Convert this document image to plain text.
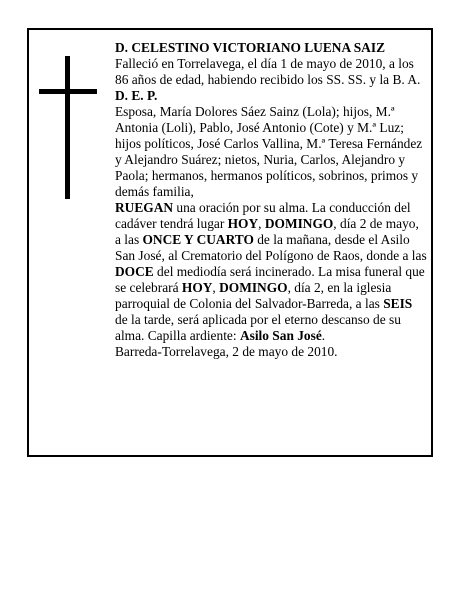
D. CELESTINO VICTORIANO LUENA SAIZ

Falleció en Torrelavega, el día 1 de mayo de 2010, a los 86 años de edad, habiendo recibido los SS. SS. y la B. A.

D. E. P.

Esposa, María Dolores Sáez Sainz (Lola); hijos, M.ª Antonia (Loli), Pablo, José Antonio (Cote) y M.ª Luz; hijos políticos, José Carlos Vallina, M.ª Teresa Fernández y Alejandro Suárez; nietos, Nuria, Carlos, Alejandro y Paola; hermanos, hermanos políticos, sobrinos, primos y demás familia,

RUEGAN una oración por su alma. La conducción del cadáver tendrá lugar HOY, DOMINGO, día 2 de mayo, a las ONCE Y CUARTO de la mañana, desde el Asilo San José, al Crematorio del Polígono de Raos, donde a las DOCE del mediodía será incinerado. La misa funeral que se celebrará HOY, DOMINGO, día 2, en la iglesia parroquial de Colonia del Salvador-Barreda, a las SEIS de la tarde, será aplicada por el eterno descanso de su alma. Capilla ardiente: Asilo San José.

Barreda-Torrelavega, 2 de mayo de 2010.
